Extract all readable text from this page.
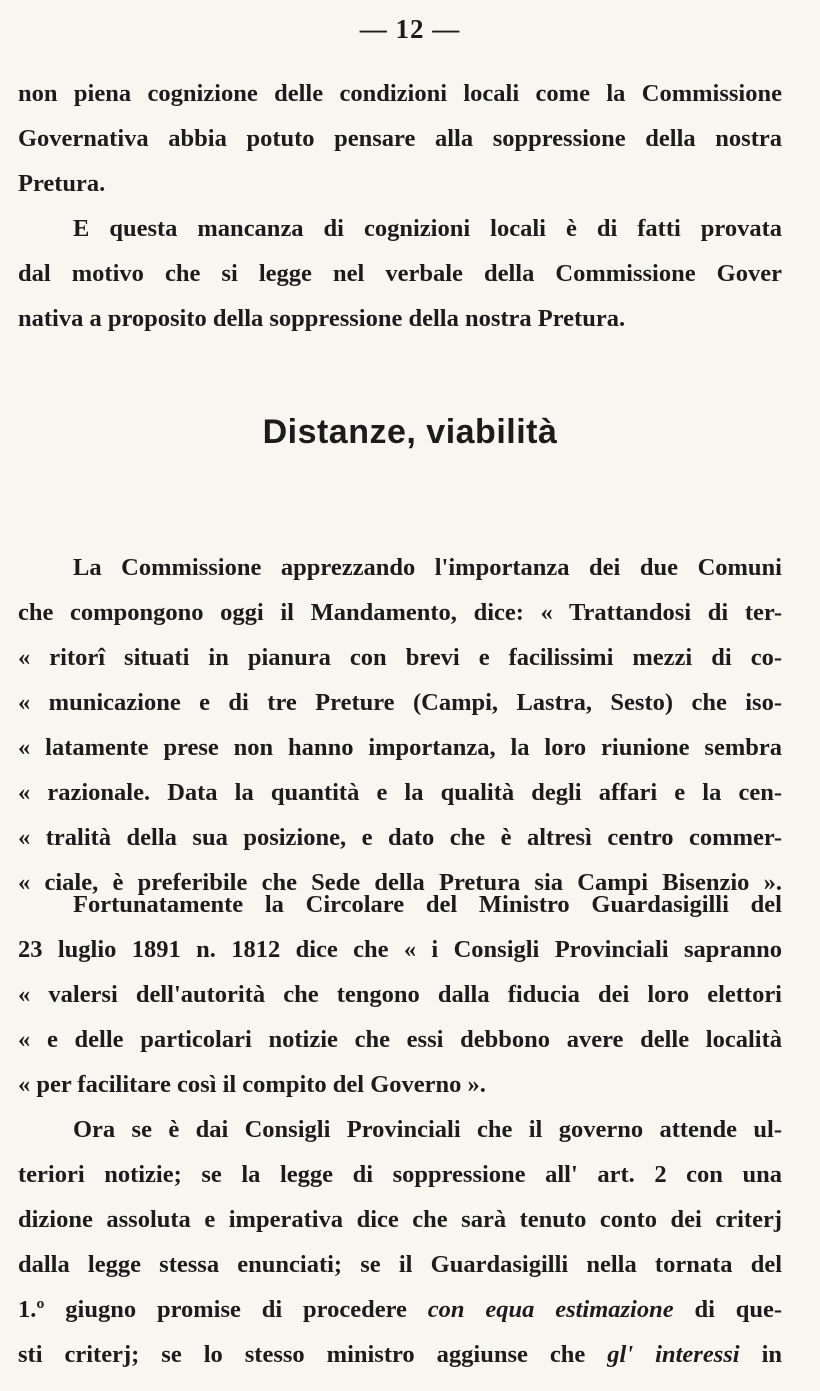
— 12 —
non piena cognizione delle condizioni locali come la Commissione
Governativa abbia potuto pensare alla soppressione della nostra
Pretura.
E questa mancanza di cognizioni locali è di fatti provata
dal motivo che si legge nel verbale della Commissione Gover
nativa a proposito della soppressione della nostra Pretura.
Distanze, viabilità
La Commissione apprezzando l'importanza dei due Comuni
che compongono oggi il Mandamento, dice: « Trattandosi di ter-
« ritorî situati in pianura con brevi e facilissimi mezzi di co-
« municazione e di tre Preture (Campi, Lastra, Sesto) che iso-
« latamente prese non hanno importanza, la loro riunione sembra
« razionale. Data la quantità e la qualità degli affari e la cen-
« tralità della sua posizione, e dato che è altresì centro commer-
« ciale, è preferibile che Sede della Pretura sia Campi Bisenzio ».
Fortunatamente la Circolare del Ministro Guardasigilli del
23 luglio 1891 n. 1812 dice che « i Consigli Provinciali sapranno
« valersi dell'autorità che tengono dalla fiducia dei loro elettori
« e delle particolari notizie che essi debbono avere delle località
« per facilitare così il compito del Governo ».
Ora se è dai Consigli Provinciali che il governo attende ul-
teriori notizie; se la legge di soppressione all' art. 2 con una
dizione assoluta e imperativa dice che sarà tenuto conto dei criterj
dalla legge stessa enunciati; se il Guardasigilli nella tornata del
1.º giugno promise di procedere con equa estimazione di que-
sti criterj; se lo stesso ministro aggiunse che gl' interessi in
